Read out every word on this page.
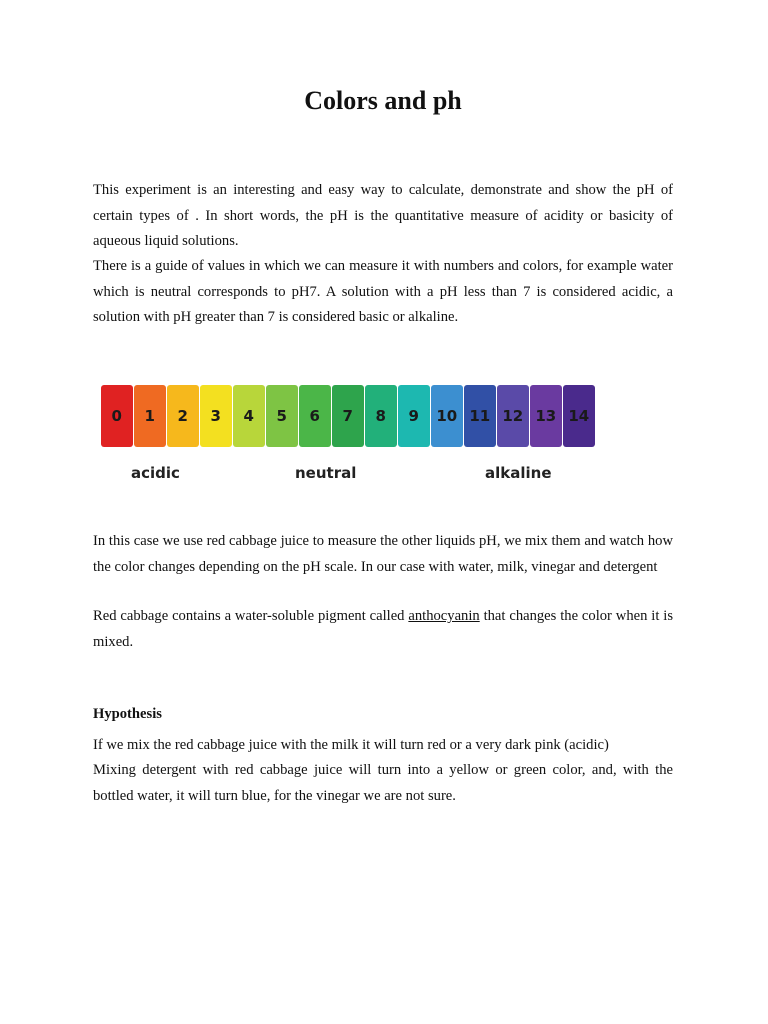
Colors and ph

This experiment is an interesting and easy way to calculate, demonstrate and show the pH of certain types of . In short words, the pH is the quantitative measure of acidity or basicity of aqueous liquid solutions.

There is a guide of values in which we can measure it with numbers and colors, for example water which is neutral corresponds to pH7. A solution with a pH less than 7 is considered acidic, a solution with pH greater than 7 is considered basic or alkaline.

In this case we use red cabbage juice to measure the other liquids pH, we mix them and watch how the color changes depending on the pH scale. In our case with water, milk, vinegar and detergent

Red cabbage contains a water-soluble pigment called anthocyanin that changes the color when it is mixed.

Hypothesis

If we mix the red cabbage juice with the milk it will turn red or a very dark pink (acidic)

Mixing detergent with red cabbage juice will turn into a yellow or green color, and, with the bottled water, it will turn blue, for the vinegar we are not sure.

0 1 2 3 4 5 6 7 8 9 10 11 12 13 14
acidic	neutral	alkaline
